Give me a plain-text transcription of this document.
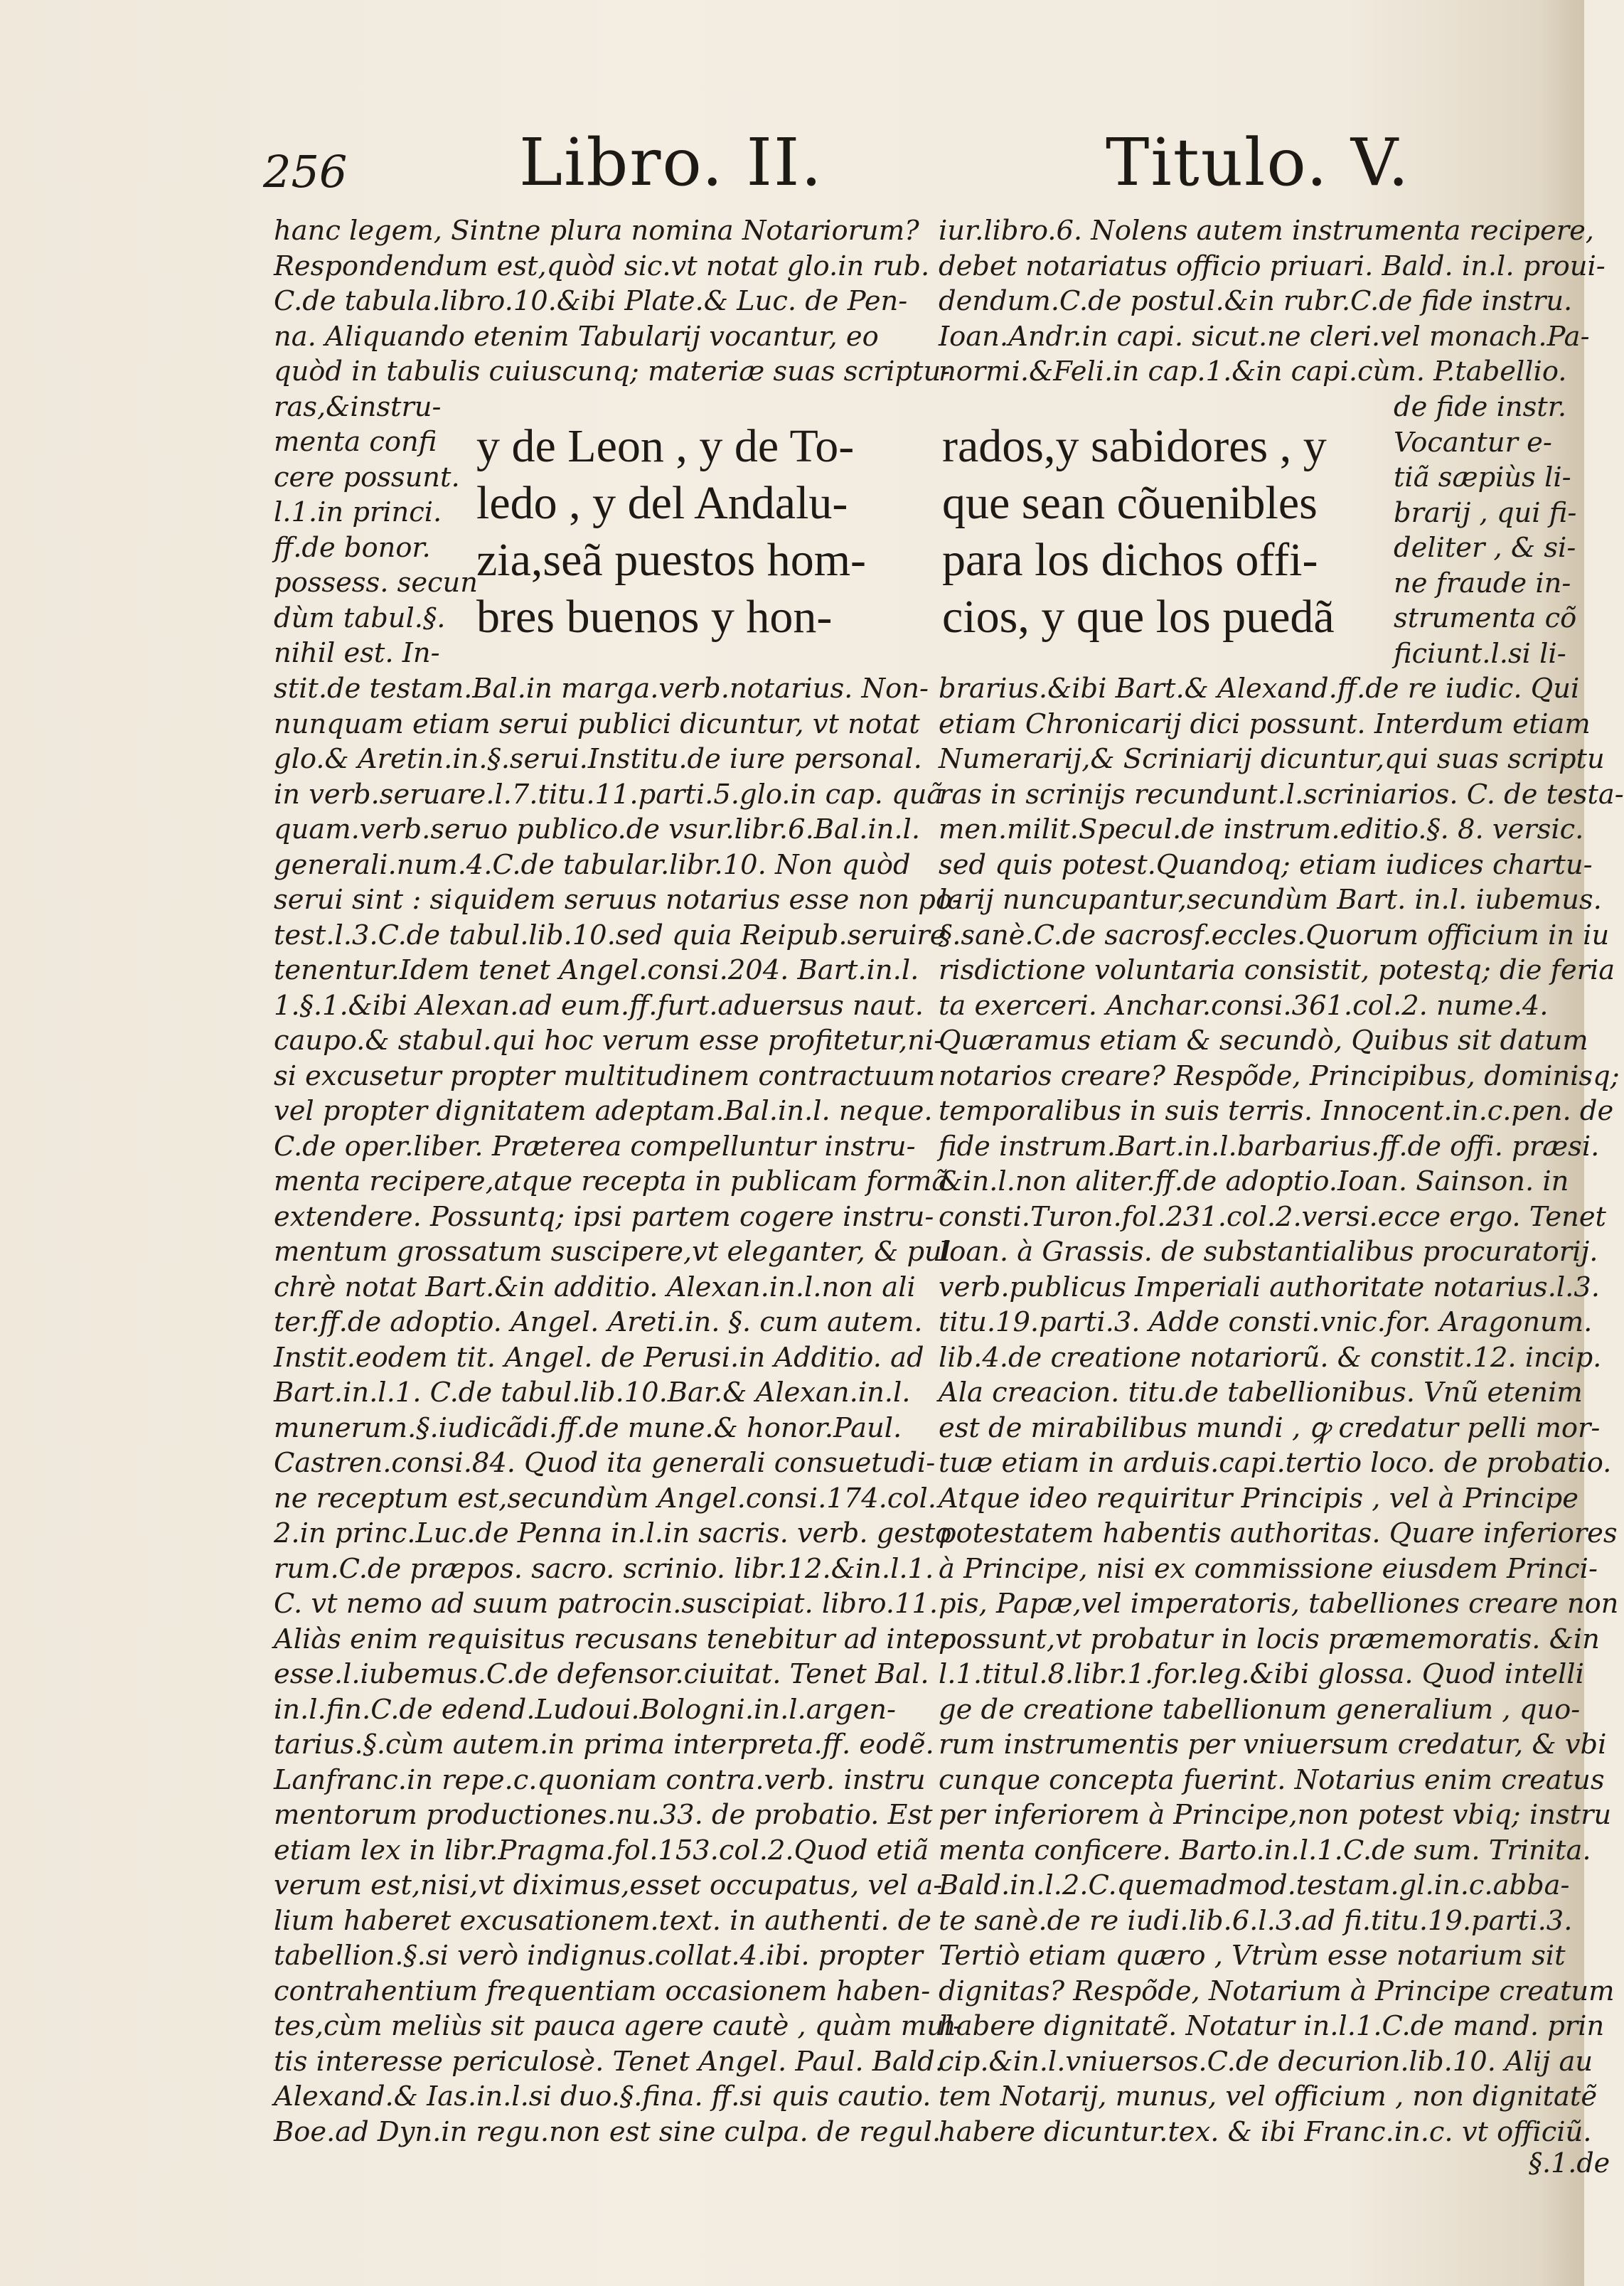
256	Libro. II.	Titulo. V.
hanc legem, Sintne plura nomina Notariorum?
Respondendum est,quòd sic.vt notat glo.in rub.
C.de tabula.libro.10.&ibi Plate.& Luc. de Pen-
na. Aliquando etenim Tabularij vocantur, eo
quòd in tabulis cuiuscunq; materiæ suas scriptu-
ras,&instru-
menta confi
cere possunt.
l.1.in princi.
ff.de bonor.
possess. secun
dùm tabul.§.
nihil est. In-
y de Leon , y de To-
ledo , y del Andalu-
zia,seã puestos hom-
bres buenos y hon-
stit.de testam.Bal.in marga.verb.notarius. Non-
nunquam etiam serui publici dicuntur, vt notat
glo.& Aretin.in.§.serui.Institu.de iure personal.
in verb.seruare.l.7.titu.11.parti.5.glo.in cap. quã
quam.verb.seruo publico.de vsur.libr.6.Bal.in.l.
generali.num.4.C.de tabular.libr.10. Non quòd
serui sint : siquidem seruus notarius esse non po-
test.l.3.C.de tabul.lib.10.sed quia Reipub.seruire
tenentur.Idem tenet Angel.consi.204. Bart.in.l.
1.§.1.&ibi Alexan.ad eum.ff.furt.aduersus naut.
caupo.& stabul.qui hoc verum esse profitetur,ni-
si excusetur propter multitudinem contractuum
vel propter dignitatem adeptam.Bal.in.l. neque.
C.de oper.liber. Præterea compelluntur instru-
menta recipere,atque recepta in publicam formã
extendere. Possuntq; ipsi partem cogere instru-
mentum grossatum suscipere,vt eleganter, & pul
chrè notat Bart.&in additio. Alexan.in.l.non ali
ter.ff.de adoptio. Angel. Areti.in. §. cum autem.
Instit.eodem tit. Angel. de Perusi.in Additio. ad
Bart.in.l.1. C.de tabul.lib.10.Bar.& Alexan.in.l.
munerum.§.iudicãdi.ff.de mune.& honor.Paul.
Castren.consi.84. Quod ita generali consuetudi-
ne receptum est,secundùm Angel.consi.174.col.
2.in princ.Luc.de Penna in.l.in sacris. verb. gesto
rum.C.de præpos. sacro. scrinio. libr.12.&in.l.1.
C. vt nemo ad suum patrocin.suscipiat. libro.11.
Aliàs enim requisitus recusans tenebitur ad inter
esse.l.iubemus.C.de defensor.ciuitat. Tenet Bal.
in.l.fin.C.de edend.Ludoui.Bologni.in.l.argen-
tarius.§.cùm autem.in prima interpreta.ff. eodẽ.
Lanfranc.in repe.c.quoniam contra.verb. instru
mentorum productiones.nu.33. de probatio. Est
etiam lex in libr.Pragma.fol.153.col.2.Quod etiã
verum est,nisi,vt diximus,esset occupatus, vel a-
lium haberet excusationem.text. in authenti. de
tabellion.§.si verò indignus.collat.4.ibi. propter
contrahentium frequentiam occasionem haben-
tes,cùm meliùs sit pauca agere cautè , quàm mul-
tis interesse periculosè. Tenet Angel. Paul. Bald.
Alexand.& Ias.in.l.si duo.§.fina. ff.si quis cautio.
Boe.ad Dyn.in regu.non est sine culpa. de regul.
iur.libro.6. Nolens autem instrumenta recipere,
debet notariatus officio priuari. Bald. in.l. proui-
dendum.C.de postul.&in rubr.C.de fide instru.
Ioan.Andr.in capi. sicut.ne cleri.vel monach.Pa-
normi.&Feli.in cap.1.&in capi.cùm. P.tabellio.
rados,y sabidores , y
que sean cõuenibles
para los dichos offi-
cios, y que los puedã
de fide instr.
Vocantur e-
tiã sæpiùs li-
brarij , qui fi-
deliter , & si-
ne fraude in-
strumenta cõ
ficiunt.l.si li-
brarius.&ibi Bart.& Alexand.ff.de re iudic. Qui
etiam Chronicarij dici possunt. Interdum etiam
Numerarij,& Scriniarij dicuntur,qui suas scriptu
ras in scrinijs recundunt.l.scriniarios. C. de testa-
men.milit.Specul.de instrum.editio.§. 8. versic.
sed quis potest.Quandoq; etiam iudices chartu-
larij nuncupantur,secundùm Bart. in.l. iubemus.
§.sanè.C.de sacrosf.eccles.Quorum officium in iu
risdictione voluntaria consistit, potestq; die feria
ta exerceri. Anchar.consi.361.col.2. nume.4.
Quæramus etiam & secundò, Quibus sit datum
notarios creare? Respõde, Principibus, dominisq;
temporalibus in suis terris. Innocent.in.c.pen. de
fide instrum.Bart.in.l.barbarius.ff.de offi. præsi.
&in.l.non aliter.ff.de adoptio.Ioan. Sainson. in
consti.Turon.fol.231.col.2.versi.ecce ergo. Tenet
Ioan. à Grassis. de substantialibus procuratorij.
verb.publicus Imperiali authoritate notarius.l.3.
titu.19.parti.3. Adde consti.vnic.for. Aragonum.
lib.4.de creatione notariorũ. & constit.12. incip.
Ala creacion. titu.de tabellionibus. Vnũ etenim
est de mirabilibus mundi , ꝙ credatur pelli mor-
tuæ etiam in arduis.capi.tertio loco. de probatio.
Atque ideo requiritur Principis , vel à Principe
potestatem habentis authoritas. Quare inferiores
à Principe, nisi ex commissione eiusdem Princi-
pis, Papæ,vel imperatoris, tabelliones creare non
possunt,vt probatur in locis præmemoratis. &in
l.1.titul.8.libr.1.for.leg.&ibi glossa. Quod intelli
ge de creatione tabellionum generalium , quo-
rum instrumentis per vniuersum credatur, & vbi
cunque concepta fuerint. Notarius enim creatus
per inferiorem à Principe,non potest vbiq; instru
menta conficere. Barto.in.l.1.C.de sum. Trinita.
Bald.in.l.2.C.quemadmod.testam.gl.in.c.abba-
te sanè.de re iudi.lib.6.l.3.ad fi.titu.19.parti.3.
Tertiò etiam quæro , Vtrùm esse notarium sit
dignitas? Respõde, Notarium à Principe creatum
habere dignitatẽ. Notatur in.l.1.C.de mand. prin
cip.&in.l.vniuersos.C.de decurion.lib.10. Alij au
tem Notarij, munus, vel officium , non dignitatẽ
habere dicuntur.tex. & ibi Franc.in.c. vt officiũ.
§.1.de
